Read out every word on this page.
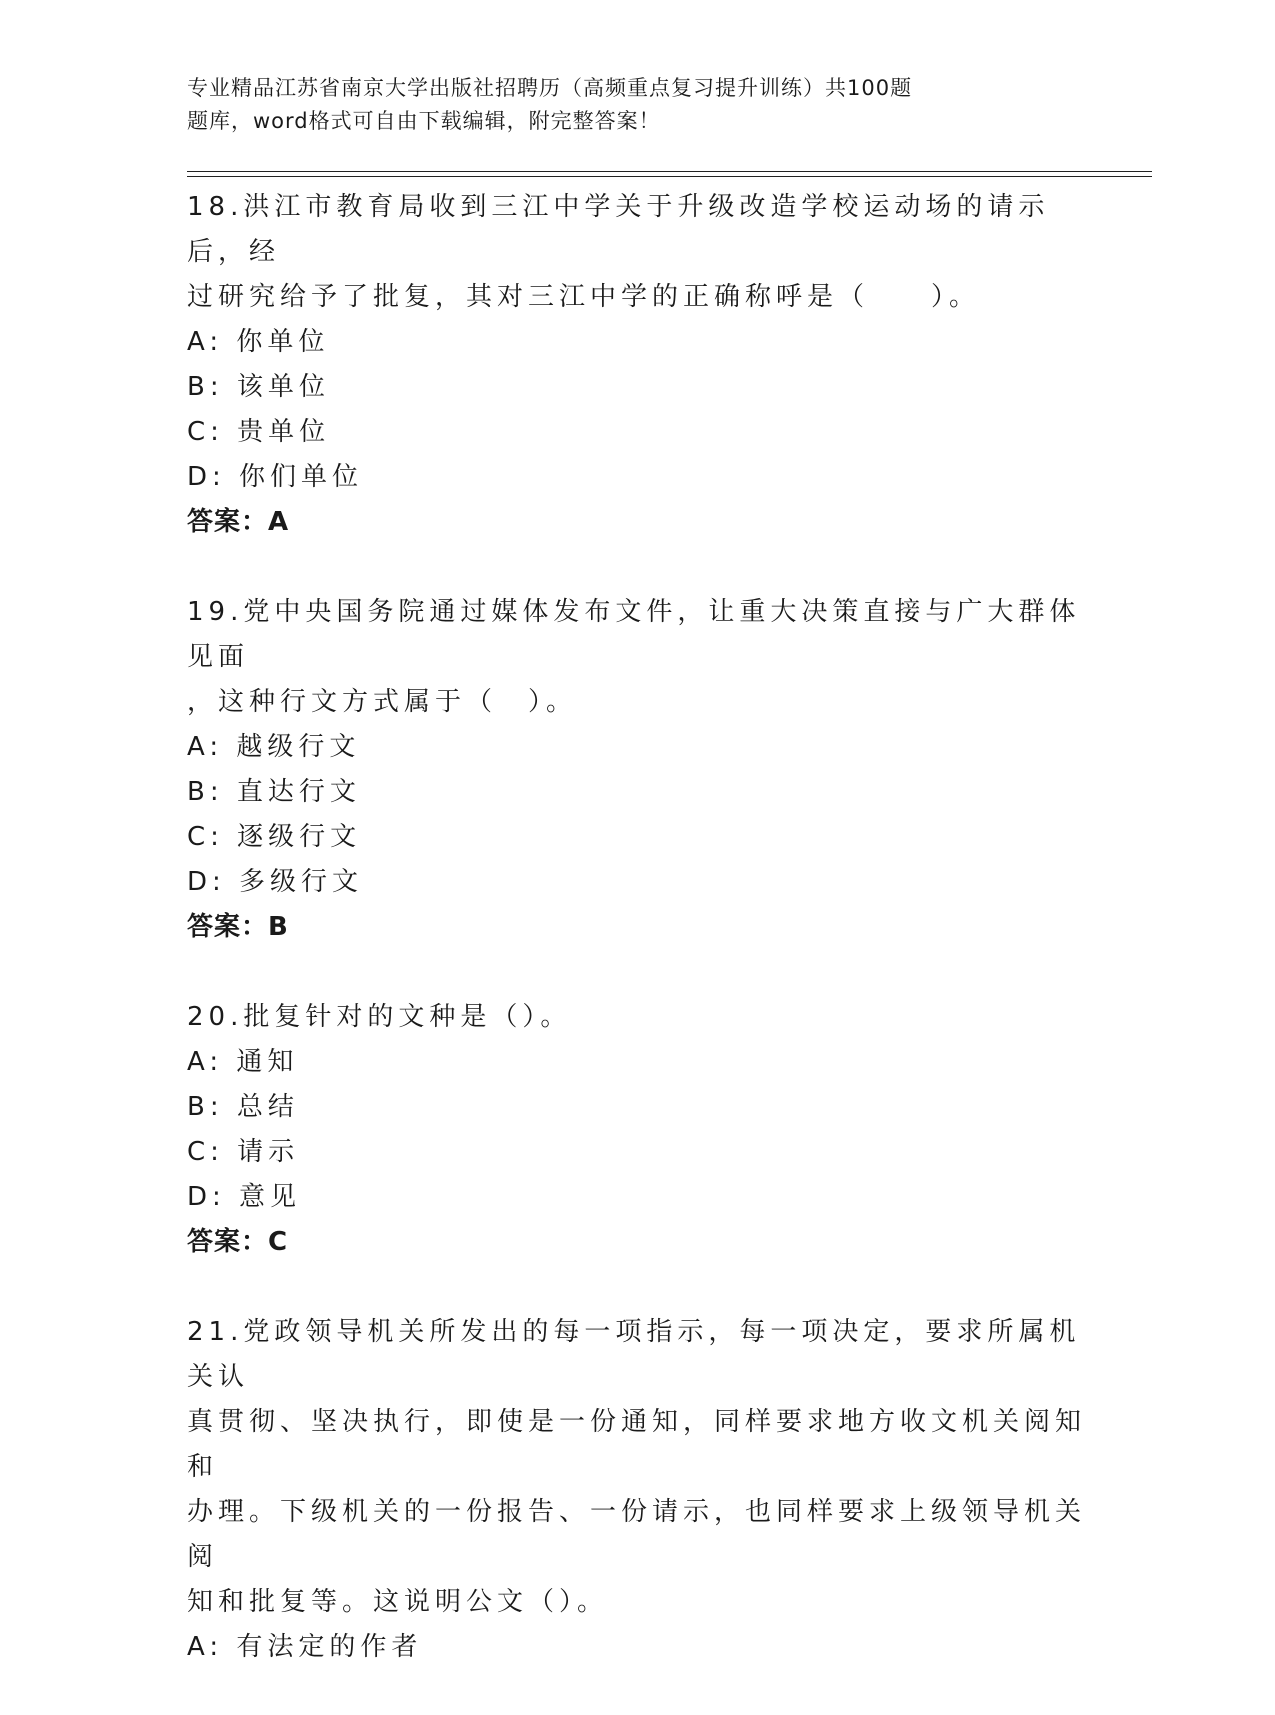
专业精品江苏省南京大学出版社招聘历（高频重点复习提升训练）共100题
题库，word格式可自由下载编辑，附完整答案！

18.洪江市教育局收到三江中学关于升级改造学校运动场的请示后，经

过研究给予了批复，其对三江中学的正确称呼是（　　）。

A: 你单位

B: 该单位

C: 贵单位

D: 你们单位

答案：A

19.党中央国务院通过媒体发布文件，让重大决策直接与广大群体见面

，这种行文方式属于（　）。

A: 越级行文

B: 直达行文

C: 逐级行文

D: 多级行文

答案：B

20.批复针对的文种是（）。

A: 通知

B: 总结

C: 请示

D: 意见

答案：C

21.党政领导机关所发出的每一项指示，每一项决定，要求所属机关认

真贯彻、坚决执行，即使是一份通知，同样要求地方收文机关阅知和

办理。下级机关的一份报告、一份请示，也同样要求上级领导机关阅

知和批复等。这说明公文（）。

A: 有法定的作者
